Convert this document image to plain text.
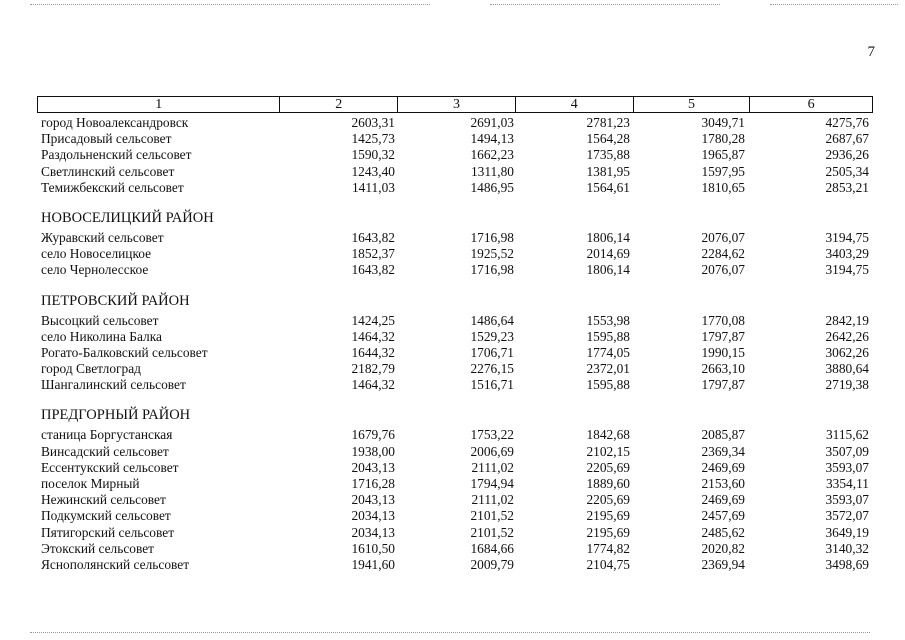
7
1	2	3	4	5	6
город Новоалександровск	2603,31	2691,03	2781,23	3049,71	4275,76
Присадовый сельсовет	1425,73	1494,13	1564,28	1780,28	2687,67
Раздольненский сельсовет	1590,32	1662,23	1735,88	1965,87	2936,26
Светлинский сельсовет	1243,40	1311,80	1381,95	1597,95	2505,34
Темижбекский сельсовет	1411,03	1486,95	1564,61	1810,65	2853,21
НОВОСЕЛИЦКИЙ РАЙОН
Журавский сельсовет	1643,82	1716,98	1806,14	2076,07	3194,75
село Новоселицкое	1852,37	1925,52	2014,69	2284,62	3403,29
село Чернолесское	1643,82	1716,98	1806,14	2076,07	3194,75
ПЕТРОВСКИЙ РАЙОН
Высоцкий сельсовет	1424,25	1486,64	1553,98	1770,08	2842,19
село Николина Балка	1464,32	1529,23	1595,88	1797,87	2642,26
Рогато-Балковский сельсовет	1644,32	1706,71	1774,05	1990,15	3062,26
город Светлоград	2182,79	2276,15	2372,01	2663,10	3880,64
Шангалинский сельсовет	1464,32	1516,71	1595,88	1797,87	2719,38
ПРЕДГОРНЫЙ РАЙОН
станица Боргустанская	1679,76	1753,22	1842,68	2085,87	3115,62
Винсадский сельсовет	1938,00	2006,69	2102,15	2369,34	3507,09
Ессентукский сельсовет	2043,13	2111,02	2205,69	2469,69	3593,07
поселок Мирный	1716,28	1794,94	1889,60	2153,60	3354,11
Нежинский сельсовет	2043,13	2111,02	2205,69	2469,69	3593,07
Подкумский сельсовет	2034,13	2101,52	2195,69	2457,69	3572,07
Пятигорский сельсовет	2034,13	2101,52	2195,69	2485,62	3649,19
Этокский сельсовет	1610,50	1684,66	1774,82	2020,82	3140,32
Яснополянский сельсовет	1941,60	2009,79	2104,75	2369,94	3498,69
